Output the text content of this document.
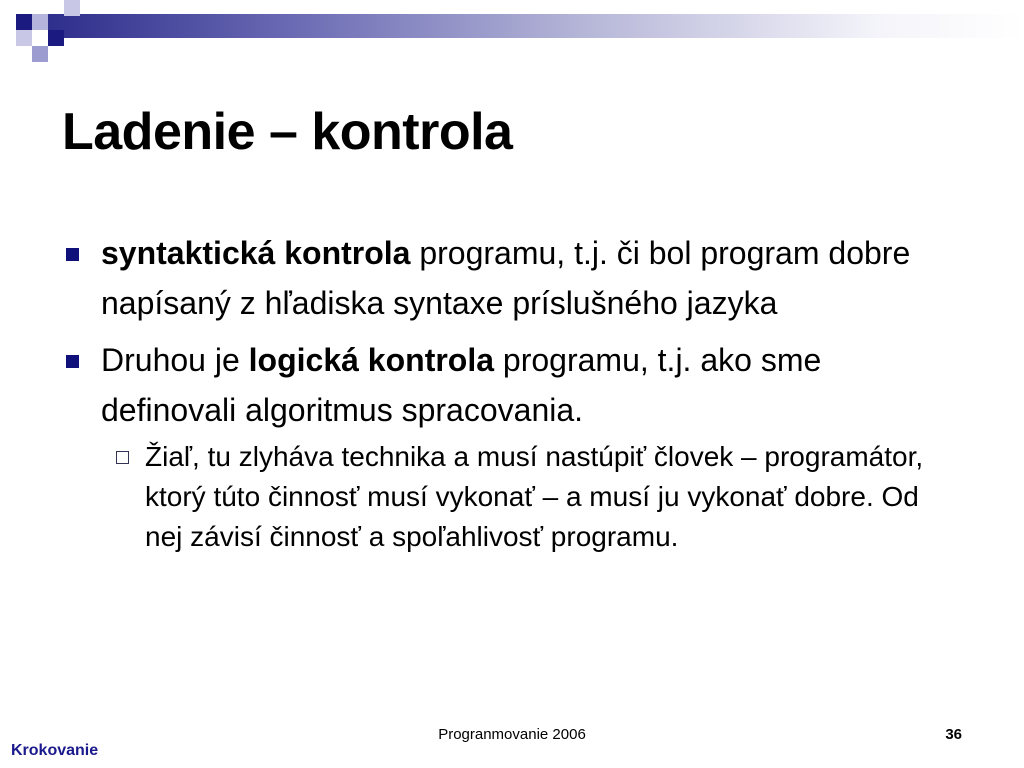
Ladenie – kontrola
syntaktická kontrola programu, t.j. či bol program dobre napísaný z hľadiska syntaxe príslušného jazyka
Druhou je logická kontrola programu, t.j. ako sme definovali algoritmus spracovania.
Žiaľ, tu zlyháva technika a musí nastúpiť človek – programátor, ktorý túto činnosť musí vykonať – a musí ju vykonať dobre. Od nej závisí činnosť a spoľahlivosť programu.
Progranmovanie 2006	36
Krokovanie
